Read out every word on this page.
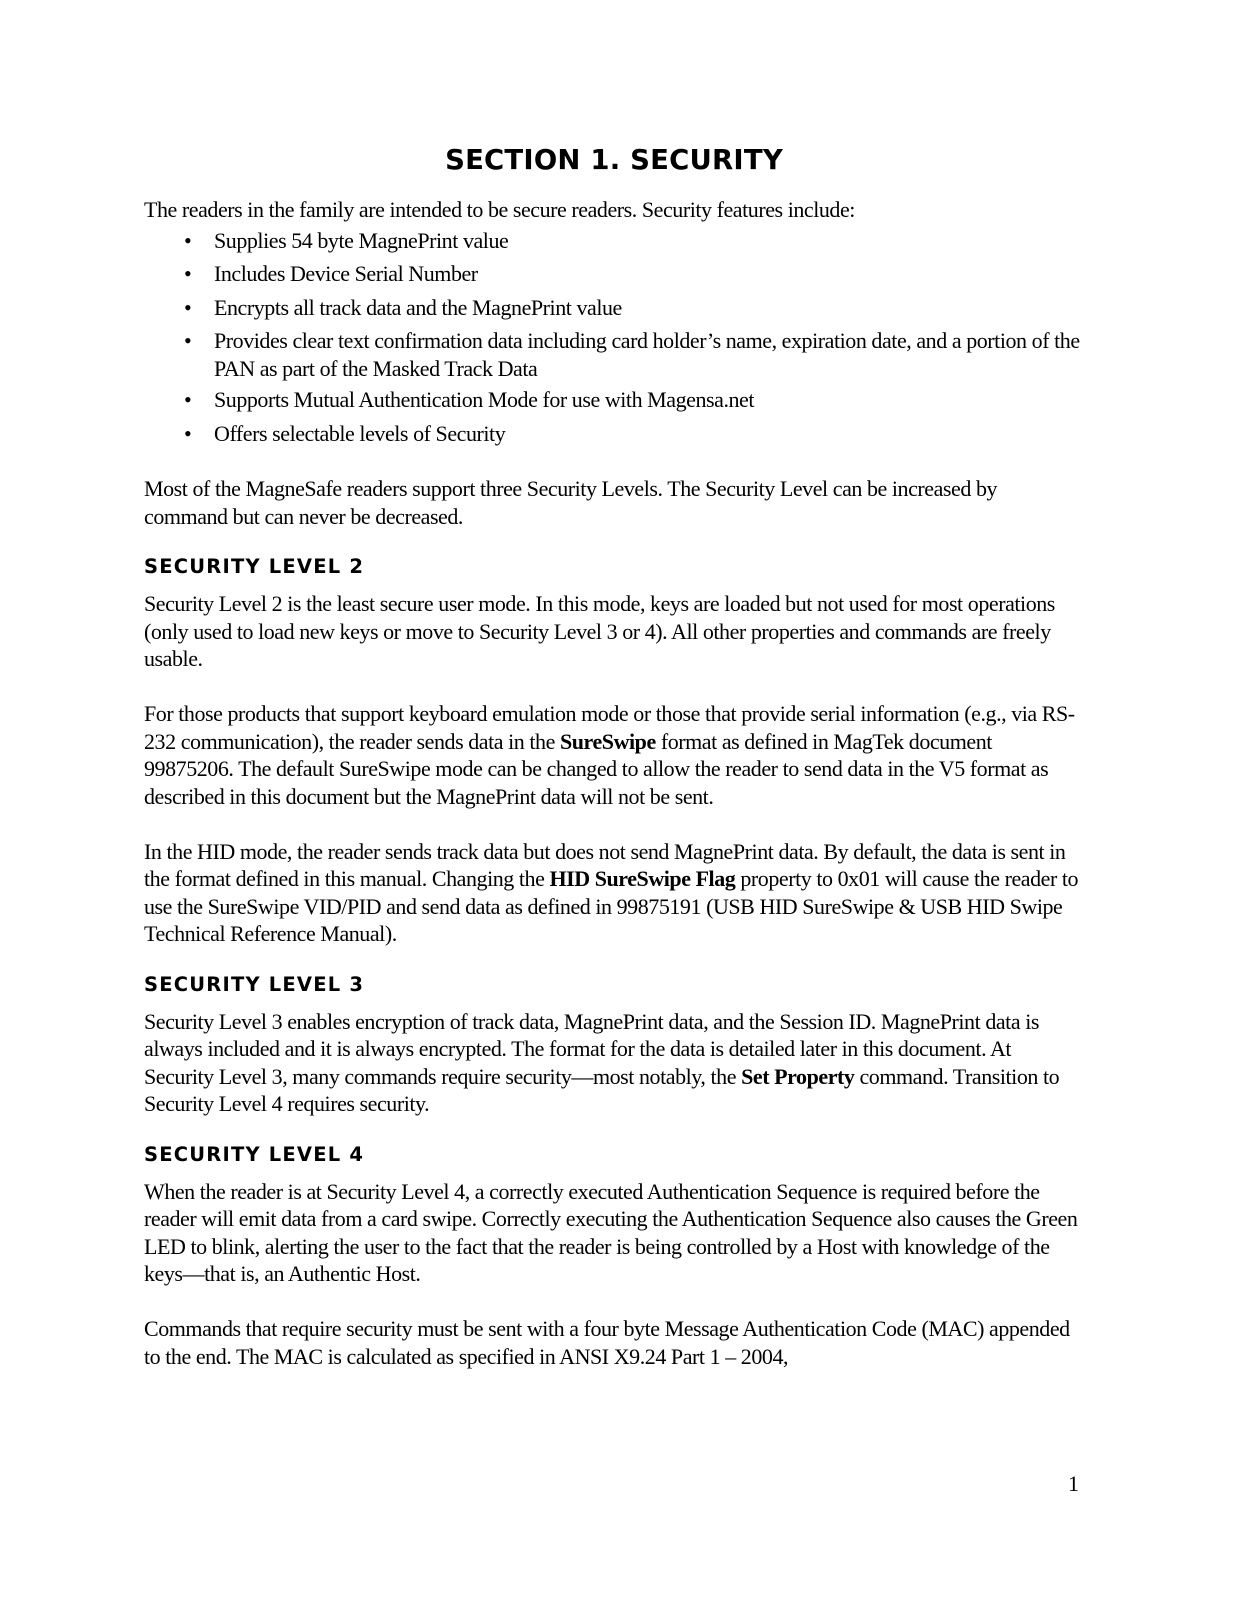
SECTION 1. SECURITY

The readers in the family are intended to be secure readers. Security features include:

• Supplies 54 byte MagnePrint value
• Includes Device Serial Number
• Encrypts all track data and the MagnePrint value
• Provides clear text confirmation data including card holder’s name, expiration date, and a portion of the PAN as part of the Masked Track Data
• Supports Mutual Authentication Mode for use with Magensa.net
• Offers selectable levels of Security

Most of the MagneSafe readers support three Security Levels. The Security Level can be increased by command but can never be decreased.

SECURITY LEVEL 2

Security Level 2 is the least secure user mode. In this mode, keys are loaded but not used for most operations (only used to load new keys or move to Security Level 3 or 4). All other properties and commands are freely usable.

For those products that support keyboard emulation mode or those that provide serial information (e.g., via RS-232 communication), the reader sends data in the SureSwipe format as defined in MagTek document 99875206. The default SureSwipe mode can be changed to allow the reader to send data in the V5 format as described in this document but the MagnePrint data will not be sent.

In the HID mode, the reader sends track data but does not send MagnePrint data. By default, the data is sent in the format defined in this manual. Changing the HID SureSwipe Flag property to 0x01 will cause the reader to use the SureSwipe VID/PID and send data as defined in 99875191 (USB HID SureSwipe & USB HID Swipe Technical Reference Manual).

SECURITY LEVEL 3

Security Level 3 enables encryption of track data, MagnePrint data, and the Session ID. MagnePrint data is always included and it is always encrypted. The format for the data is detailed later in this document. At Security Level 3, many commands require security—most notably, the Set Property command. Transition to Security Level 4 requires security.

SECURITY LEVEL 4

When the reader is at Security Level 4, a correctly executed Authentication Sequence is required before the reader will emit data from a card swipe. Correctly executing the Authentication Sequence also causes the Green LED to blink, alerting the user to the fact that the reader is being controlled by a Host with knowledge of the keys—that is, an Authentic Host.

Commands that require security must be sent with a four byte Message Authentication Code (MAC) appended to the end. The MAC is calculated as specified in ANSI X9.24 Part 1 – 2004,

1
